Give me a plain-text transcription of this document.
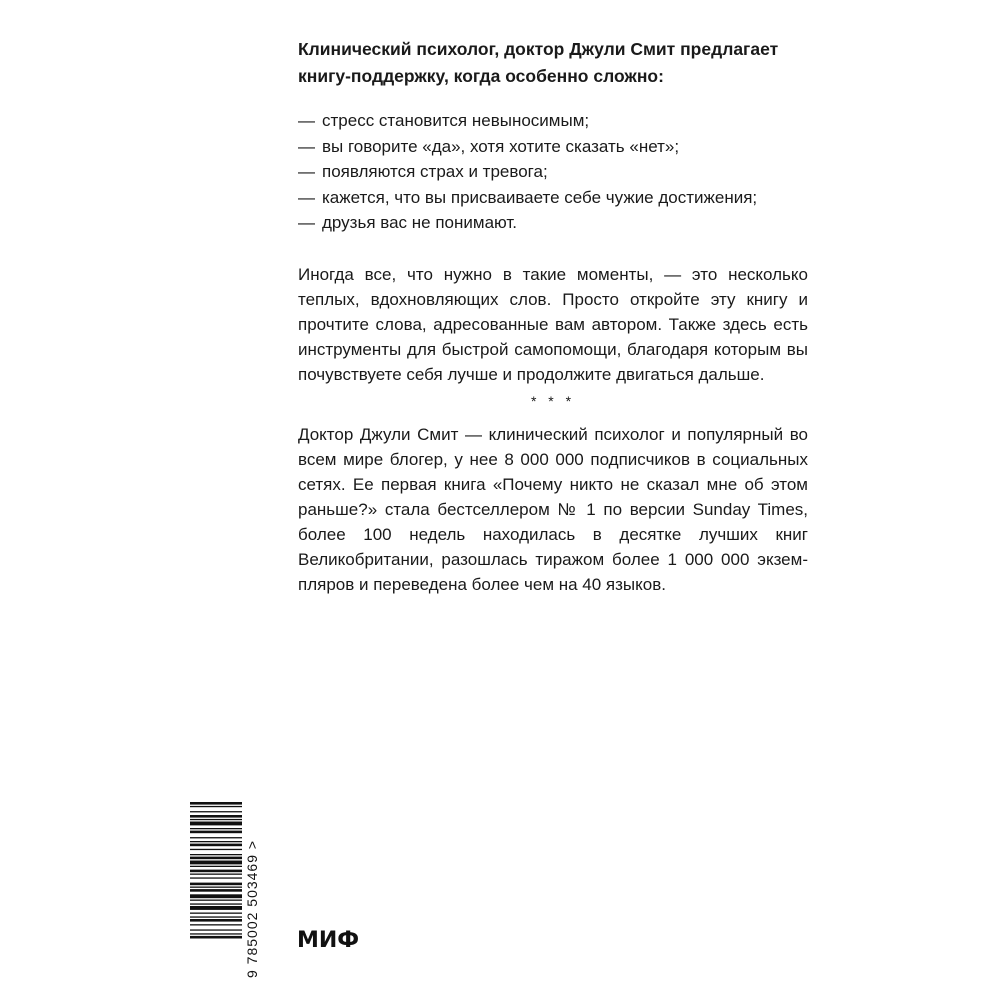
Клинический психолог, доктор Джули Смит предлагает книгу-поддержку, когда особенно сложно:

— стресс становится невыносимым;
— вы говорите «да», хотя хотите сказать «нет»;
— появляются страх и тревога;
— кажется, что вы присваиваете себе чужие достижения;
— друзья вас не понимают.

Иногда все, что нужно в такие моменты, — это несколько теплых, вдохновляющих слов. Просто откройте эту книгу и прочтите слова, адресованные вам автором. Также здесь есть инструменты для быстрой самопомощи, благодаря которым вы почувствуете себя лучше и продолжите двигаться дальше.

* * *

Доктор Джули Смит — клинический психолог и популярный во всем мире блогер, у нее 8 000 000 подписчиков в социальных сетях. Ее первая книга «Почему никто не сказал мне об этом раньше?» стала бестселлером № 1 по версии Sunday Times, более 100 недель находилась в десятке лучших книг Великобритании, разошлась тиражом более 1 000 000 экземпляров и переведена более чем на 40 языков.

9 785002 503469 > МИФ
